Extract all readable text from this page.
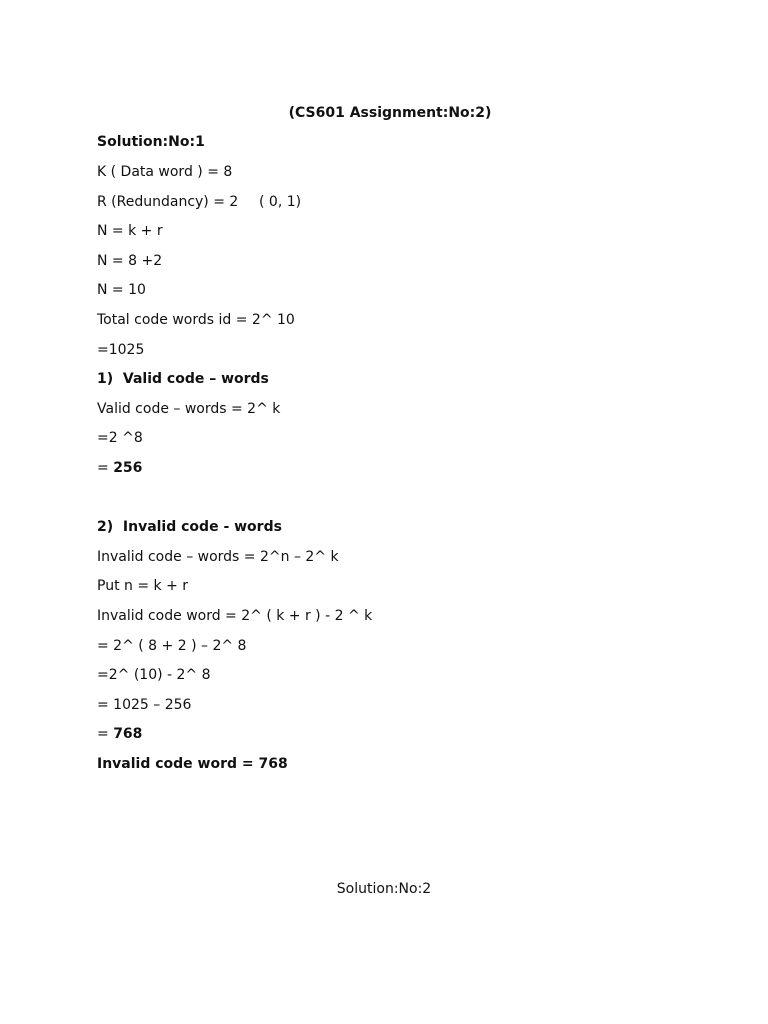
(CS601 Assignment:No:2)
Solution:No:1
K ( Data word ) = 8
R (Redundancy) = 2 ( 0, 1)
N = k + r
N = 8 +2
N = 10
Total code words id = 2^ 10
=1025
1)  Valid code – words
Valid code – words = 2^ k
=2 ^8
= 256
2)  Invalid code - words
Invalid code – words = 2^n – 2^ k
Put n = k + r
Invalid code word = 2^ ( k + r ) - 2 ^ k
= 2^ ( 8 + 2 ) – 2^ 8
=2^ (10) - 2^ 8
= 1025 – 256
= 768
Invalid code word = 768
Solution:No:2
